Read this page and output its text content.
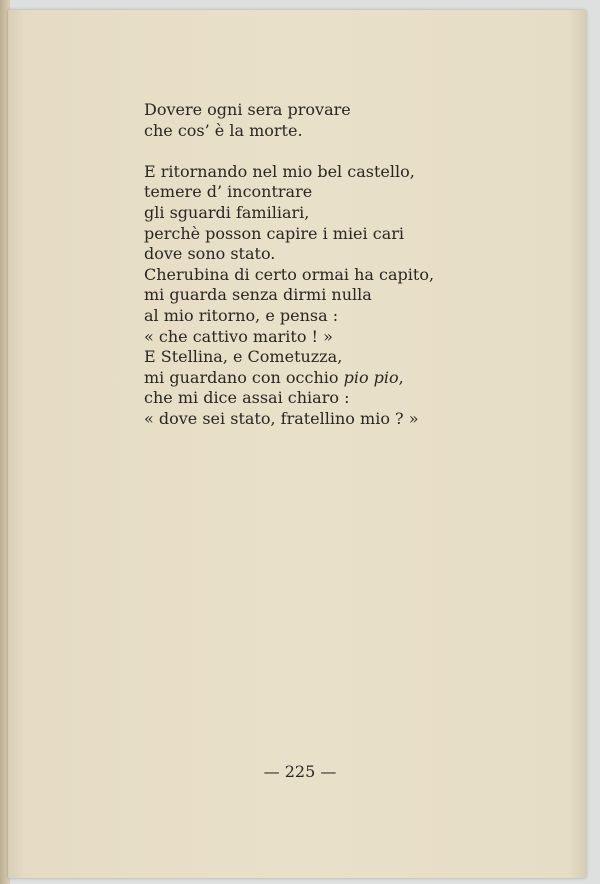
Dovere ogni sera provare
che cos’ è la morte.
E ritornando nel mio bel castello,
temere d’ incontrare
gli sguardi familiari,
perchè posson capire i miei cari
dove sono stato.
Cherubina di certo ormai ha capito,
mi guarda senza dirmi nulla
al mio ritorno, e pensa :
« che cattivo marito ! »
E Stellina, e Cometuzza,
mi guardano con occhio pio pio,
che mi dice assai chiaro :
« dove sei stato, fratellino mio ? »
— 225 —
